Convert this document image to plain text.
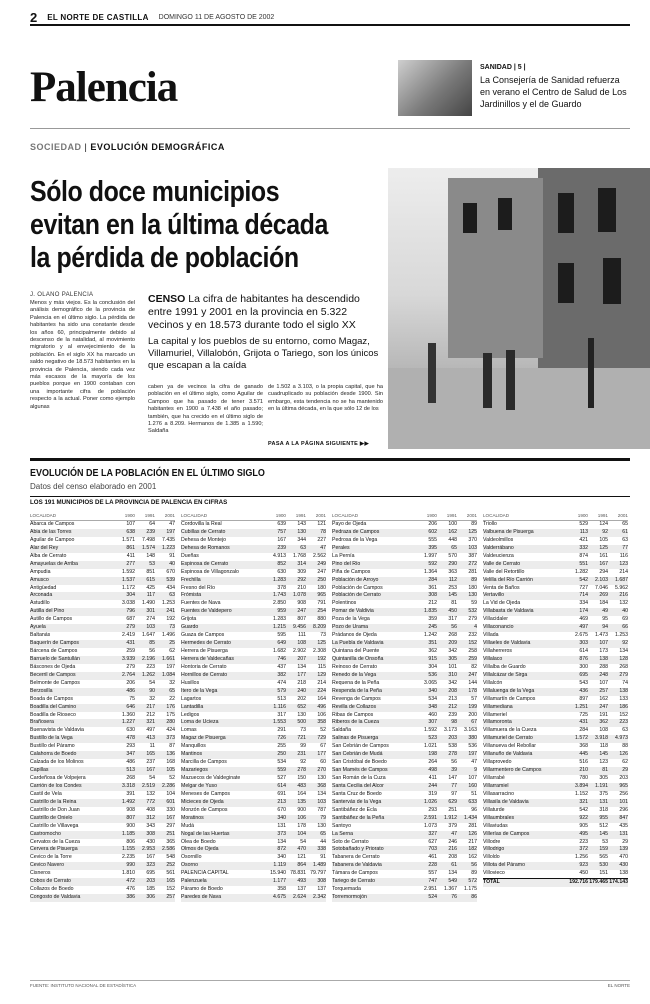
2 EL NORTE DE CASTILLA DOMINGO 11 DE AGOSTO DE 2002
Palencia	SANIDAD | 5 |
La Consejería de Sanidad refuerza en verano el Centro de Salud de Los Jardinillos y el de Guardo
SOCIEDAD | EVOLUCIÓN DEMOGRÁFICA
Sólo doce municipios evitan en la última década la pérdida de población
J. OLANO PALENCIA
Menos y más viejos. Es la conclusión del análisis demográfico de la provincia de Palencia en el último siglo. La pérdida de habitantes ha sido una constante desde los años 60, principalmente debido al descenso de la natalidad, al movimiento migratorio y al envejecimiento de la población. En el siglo XX ha marcado un saldo negativo de 18.573 habitantes en la provincia de Palencia, siendo cada vez más escasos de la mayoría de los pueblos porque en 1900 contaban con una importante cifra de población respecto a la actual. Poner como ejemplo algunas
CENSO La cifra de habitantes ha descendido entre 1991 y 2001 en la provincia en 5.322 vecinos y en 18.573 durante todo el siglo XX
La capital y los pueblos de su entorno, como Magaz, Villamuriel, Villalobón, Grijota o Tariego, son los únicos que escapan a la caída
caben ya de vecinos la cifra de ganado población en el último siglo, como Aguilar de Campoo que ha pasado de tener 3.571 habitantes en 1900 a 7.438 el año pasado; también, que ha crecido en el último siglo de 1.276 a 8.209. Hermanos de 1.385 a 1.590; Saldaña
de 1.502 a 3.103, o la propia capital, que ha cuadruplicado su población desde 1900. Sin embargo, esta tendencia no se ha mantenido en la última década, en la que sólo 12 de los
PASA A LA PÁGINA SIGUIENTE ▶▶
EVOLUCIÓN DE LA POBLACIÓN EN EL ÚLTIMO SIGLO
Datos del censo elaborado en 2001
LOS 191 MUNICIPIOS DE LA PROVINCIA DE PALENCIA EN CIFRAS
LOCALIDAD	1900	1991	2001
Abarca de Campos	107	64	47
Abia de las Torres	638	239	197
Aguilar de Campoo	1.571	7.498	7.435
Alar del Rey	861	1.574	1.223
Alba de Cerrato	411	148	91
Amayuelas de Arriba	277	53	40
Ampudia	1.592	851	670
Amusco	1.537	615	539
Antigüedad	1.172	425	434
Arconada	304	117	63
Astudillo	3.038	1.490	1.253
Autilla del Pino	796	301	241
Autillo de Campos	687	274	192
Ayuela	279	103	73
Baltanás	2.419	1.647	1.496
Baquerín de Campos	431	85	25
Bárcena de Campos	259	56	62
Barruelo de Santullán	3.939	2.196	1.661
Báscones de Ojeda	279	223	197
Becerril de Campos	2.764	1.262	1.084
Belmonte de Campos	206	54	32
Berzosilla	486	90	65
Boada de Campos	75	32	22
Boadilla del Camino	646	217	176
Boadilla de Rioseco	1.360	212	175
Brañosera	1.227	321	280
Buenavista de Valdavia	630	497	424
Bustillo de la Vega	478	413	373
Bustillo del Páramo	293	11	87
Calahorra de Boedo	347	165	136
Calzada de los Molinos	486	237	168
Capillas	513	167	105
Cardeñosa de Volpejera	268	54	52
Carrión de los Condes	3.318	2.519	2.286
Castil de Vela	391	132	104
Castrillo de la Reina	1.492	772	601
Castrillo de Don Juan	908	408	330
Castrillo de Onielo	807	312	167
Castrillo de Villavega	900	343	297
Castromocho	1.185	308	251
Cervatos de la Cueza	806	430	365
Cervera de Pisuerga	1.155	2.953	2.586
Cevico de la Torre	2.235	167	548
Cevico Navero	990	323	252
Cisneros	1.810	695	561
Cobos de Cerrato	472	203	165
Collazos de Boedo	476	185	152
Congosto de Valdavia	386	306	257
LOCALIDAD	1900	1991	2001
Cordovilla la Real	639	143	121
Cubillas de Cerrato	757	130	78
Dehesa de Montejo	167	344	227
Dehesa de Romanos	239	63	47
Dueñas	4.913	1.768	2.562
Espinosa de Cerrato	852	314	249
Espinosa de Villagonzalo	630	309	247
Frechilla	1.283	292	250
Fresno del Río	378	210	180
Frómista	1.743	1.078	965
Fuentes de Nava	2.850	908	791
Fuentes de Valdepero	959	247	254
Grijota	1.283	807	880
Guardo	1.215	9.456	8.209
Guaza de Campos	595	111	73
Hermedes de Cerrato	649	108	125
Herrera de Pisuerga	1.682	2.902	2.308
Herrera de Valdecañas	746	207	192
Hontoria de Cerrato	437	134	115
Hornillos de Cerrato	382	177	129
Husillos	474	218	214
Itero de la Vega	579	240	224
Lagartos	513	202	164
Lantadilla	1.116	652	496
Ledigos	317	130	106
Loma de Ucieza	1.553	500	358
Lomas	291	73	52
Magaz de Pisuerga	726	721	729
Manquillos	255	99	67
Mantinos	250	231	177
Marcilla de Campos	534	92	60
Mazariegos	559	278	270
Mazuecos de Valdeginate	527	150	130
Melgar de Yuso	614	483	368
Meneses de Campos	691	164	134
Micieces de Ojeda	213	135	103
Monzón de Campos	670	900	787
Moratinos	340	106	79
Mudá	131	178	130
Nogal de las Huertas	373	104	65
Olea de Boedo	134	54	44
Olmos de Ojeda	872	470	338
Osornillo	340	121	91
Osorno	1.119	864	1.489
PALENCIA CAPITAL	15.940 78.831 79.797
Palenzuela	1.177	493	308
Páramo de Boedo	358	137	137
Paredes de Nava	4.675	2.624	2.342
LOCALIDAD	1900	1991	2001
Payo de Ojeda	206	100	89
Pedraza de Campos	602	162	125
Pedrosa de la Vega	555	448	370
Perales	395	65	103
La Pernía	1.997	570	387
Pino del Río	592	290	272
Piña de Campos	1.364	363	281
Población de Arroyo	284	112	89
Población de Campos	361	253	180
Población de Cerrato	308	145	130
Polentinos	212	81	59
Pomar de Valdivia	1.835	450	532
Poza de la Vega	359	317	279
Pozo de Urama	245	56	4
Prádanos de Ojeda	1.242	268	232
La Puebla de Valdavia	351	209	152
Quintana del Puente	362	342	258
Quintanilla de Onsoña	915	305	259
Reinoso de Cerrato	304	101	82
Renedo de la Vega	536	310	247
Requena de la Peña	3.065	342	144
Respenda de la Peña	340	208	178
Revenga de Campos	534	213	57
Revilla de Collazos	348	212	199
Ribas de Campos	460	239	200
Riberos de la Cueza	307	98	67
Saldaña	1.592	3.173	3.163
Salinas de Pisuerga	523	203	380
San Cebrián de Campos	1.021	538	536
San Cebrián de Mudá	198	278	197
San Cristóbal de Boedo	264	56	47
San Mamés de Campos	498	39	9
San Román de la Cuza	411	147	107
Santa Cecilia del Alcor	244	77	160
Santa Cruz de Boedo	319	97	51
Santervás de la Vega	1.026	629	633
Santibáñez de Ecla	293	251	96
Santibáñez de la Peña	2.591	1.912	1.434
Santoyo	1.073	379	281
La Serna	327	47	126
Soto de Cerrato	627	246	217
Sotobañado y Priorato	703	216	182
Tabanera de Cerrato	461	208	162
Tabanera de Valdavia	228	61	56
Támara de Campos	557	134	89
Tariego de Cerrato	747	549	572
Torquemada	2.951	1.367	1.175
Torremormojón	524	76	86
LOCALIDAD	1900	1991	2001
Triollo	529	124	65
Valbuena de Pisuerga	113	92	61
Valdeolmillos	421	105	63
Valderrábano	332	125	77
Valdeucienza	874	161	116
Valle de Cerrato	551	167	123
Valle del Retortillo	1.282	294	214
Velilla del Río Carrión	542	2.103	1.687
Venta de Baños	727	7.046	5.962
Vertavillo	714	269	216
La Vid de Ojeda	334	184	132
Villabasta de Valdavia	174	49	40
Villacidaler	469	95	69
Villaconancio	497	94	66
Villada	2.675	1.473	1.253
Villaeles de Valdavia	303	107	92
Villaherreros	614	173	134
Villalaco	876	138	128
Villalba de Guardo	300	288	268
Villalcázar de Sirga	695	248	279
Villalcón	543	107	74
Villaluenga de la Vega	436	257	138
Villamartín de Campos	897	162	133
Villamediana	1.251	247	186
Villameriel	725	191	152
Villamoronta	431	362	223
Villamuera de la Cueza	284	108	63
Villamuriel de Cerrato	1.572	3.918	4.973
Villanueva del Rebollar	368	118	88
Villanuño de Valdavia	445	145	126
Villaprovedo	516	123	62
Villarmentero de Campos	210	81	29
Villarrabé	780	305	203
Villarramiel	3.894	1.191	965
Villasarracino	1.152	375	256
Villasila de Valdavia	321	131	101
Villaturde	542	318	296
Villaumbrales	922	955	847
Villaviudas	905	512	435
Villerías de Campos	495	145	131
Villodre	223	53	29
Villodrigo	372	159	139
Villoldo	1.256	565	470
Villota del Páramo	923	530	430
Villovieco	450	151	138
TOTAL	192.716 179.465 174.143
FUENTE: INSTITUTO NACIONAL DE ESTADÍSTICA	EL NORTE
